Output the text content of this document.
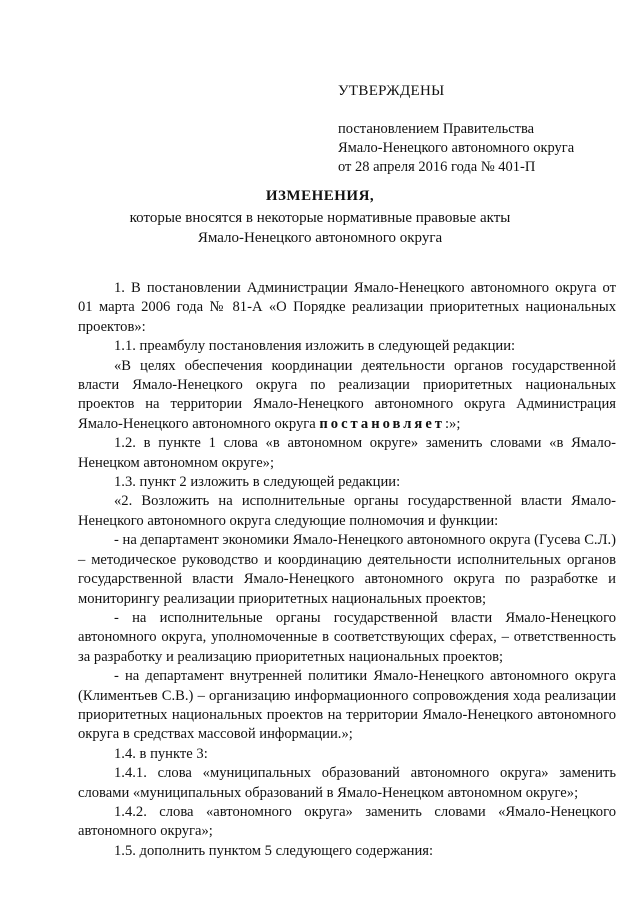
УТВЕРЖДЕНЫ
постановлением Правительства
Ямало-Ненецкого автономного округа
от 28 апреля 2016 года № 401-П
ИЗМЕНЕНИЯ,
которые вносятся в некоторые нормативные правовые акты
Ямало-Ненецкого автономного округа

1. В постановлении Администрации Ямало-Ненецкого автономного округа от 01 марта 2006 года № 81-А «О Порядке реализации приоритетных национальных проектов»:

1.1. преамбулу постановления изложить в следующей редакции:

«В целях обеспечения координации деятельности органов государственной власти Ямало-Ненецкого округа по реализации приоритетных национальных проектов на территории Ямало-Ненецкого автономного округа Администрация Ямало-Ненецкого автономного округа постановляет:»;

1.2. в пункте 1 слова «в автономном округе» заменить словами «в Ямало-Ненецком автономном округе»;

1.3. пункт 2 изложить в следующей редакции:

«2. Возложить на исполнительные органы государственной власти Ямало-Ненецкого автономного округа следующие полномочия и функции:

- на департамент экономики Ямало-Ненецкого автономного округа (Гусева С.Л.) – методическое руководство и координацию деятельности исполнительных органов государственной власти Ямало-Ненецкого автономного округа по разработке и мониторингу реализации приоритетных национальных проектов;

- на исполнительные органы государственной власти Ямало-Ненецкого автономного округа, уполномоченные в соответствующих сферах, – ответственность за разработку и реализацию приоритетных национальных проектов;

- на департамент внутренней политики Ямало-Ненецкого автономного округа (Климентьев С.В.) – организацию информационного сопровождения хода реализации приоритетных национальных проектов на территории Ямало-Ненецкого автономного округа в средствах массовой информации.»;

1.4. в пункте 3:

1.4.1. слова «муниципальных образований автономного округа» заменить словами «муниципальных образований в Ямало-Ненецком автономном округе»;

1.4.2. слова «автономного округа» заменить словами «Ямало-Ненецкого автономного округа»;

1.5. дополнить пунктом 5 следующего содержания:
